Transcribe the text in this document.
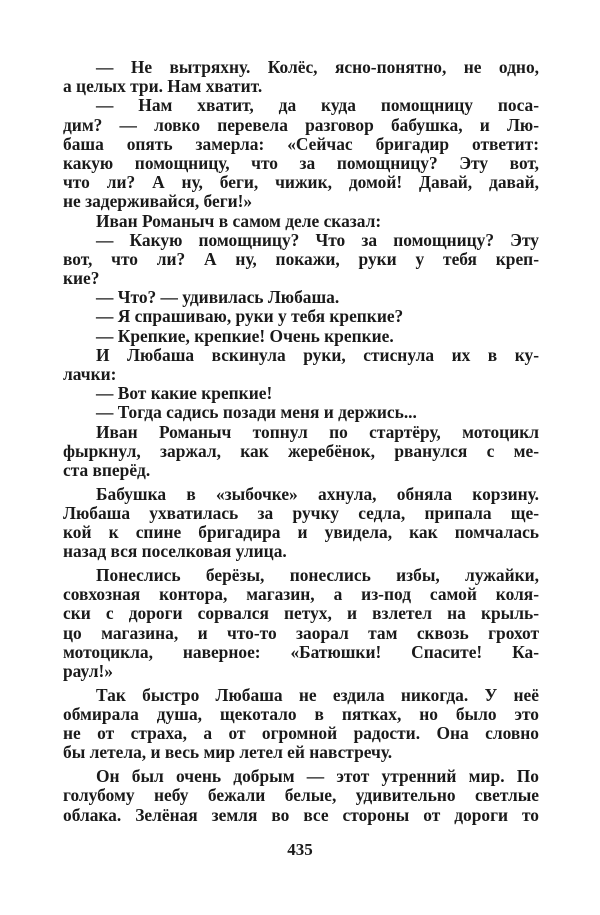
— Не вытряхну. Колёс, ясно-понятно, не одно,
а целых три. Нам хватит.
— Нам хватит, да куда помощницу поса-
дим? — ловко перевела разговор бабушка, и Лю-
баша опять замерла: «Сейчас бригадир ответит:
какую помощницу, что за помощницу? Эту вот,
что ли? А ну, беги, чижик, домой! Давай, давай,
не задерживайся, беги!»
Иван Романыч в самом деле сказал:
— Какую помощницу? Что за помощницу? Эту
вот, что ли? А ну, покажи, руки у тебя креп-
кие?
— Что? — удивилась Любаша.
— Я спрашиваю, руки у тебя крепкие?
— Крепкие, крепкие! Очень крепкие.
И Любаша вскинула руки, стиснула их в ку-
лачки:
— Вот какие крепкие!
— Тогда садись позади меня и держись...
Иван Романыч топнул по стартёру, мотоцикл
фыркнул, заржал, как жеребёнок, рванулся с ме-
ста вперёд.
Бабушка в «зыбочке» ахнула, обняла корзину.
Любаша ухватилась за ручку седла, припала ще-
кой к спине бригадира и увидела, как помчалась
назад вся поселковая улица.
Понеслись берёзы, понеслись избы, лужайки,
совхозная контора, магазин, а из-под самой коля-
ски с дороги сорвался петух, и взлетел на крыль-
цо магазина, и что-то заорал там сквозь грохот
мотоцикла, наверное: «Батюшки! Спасите! Ка-
раул!»
Так быстро Любаша не ездила никогда. У неё
обмирала душа, щекотало в пятках, но было это
не от страха, а от огромной радости. Она словно
бы летела, и весь мир летел ей навстречу.
Он был очень добрым — этот утренний мир. По
голубому небу бежали белые, удивительно светлые
облака. Зелёная земля во все стороны от дороги то
435
